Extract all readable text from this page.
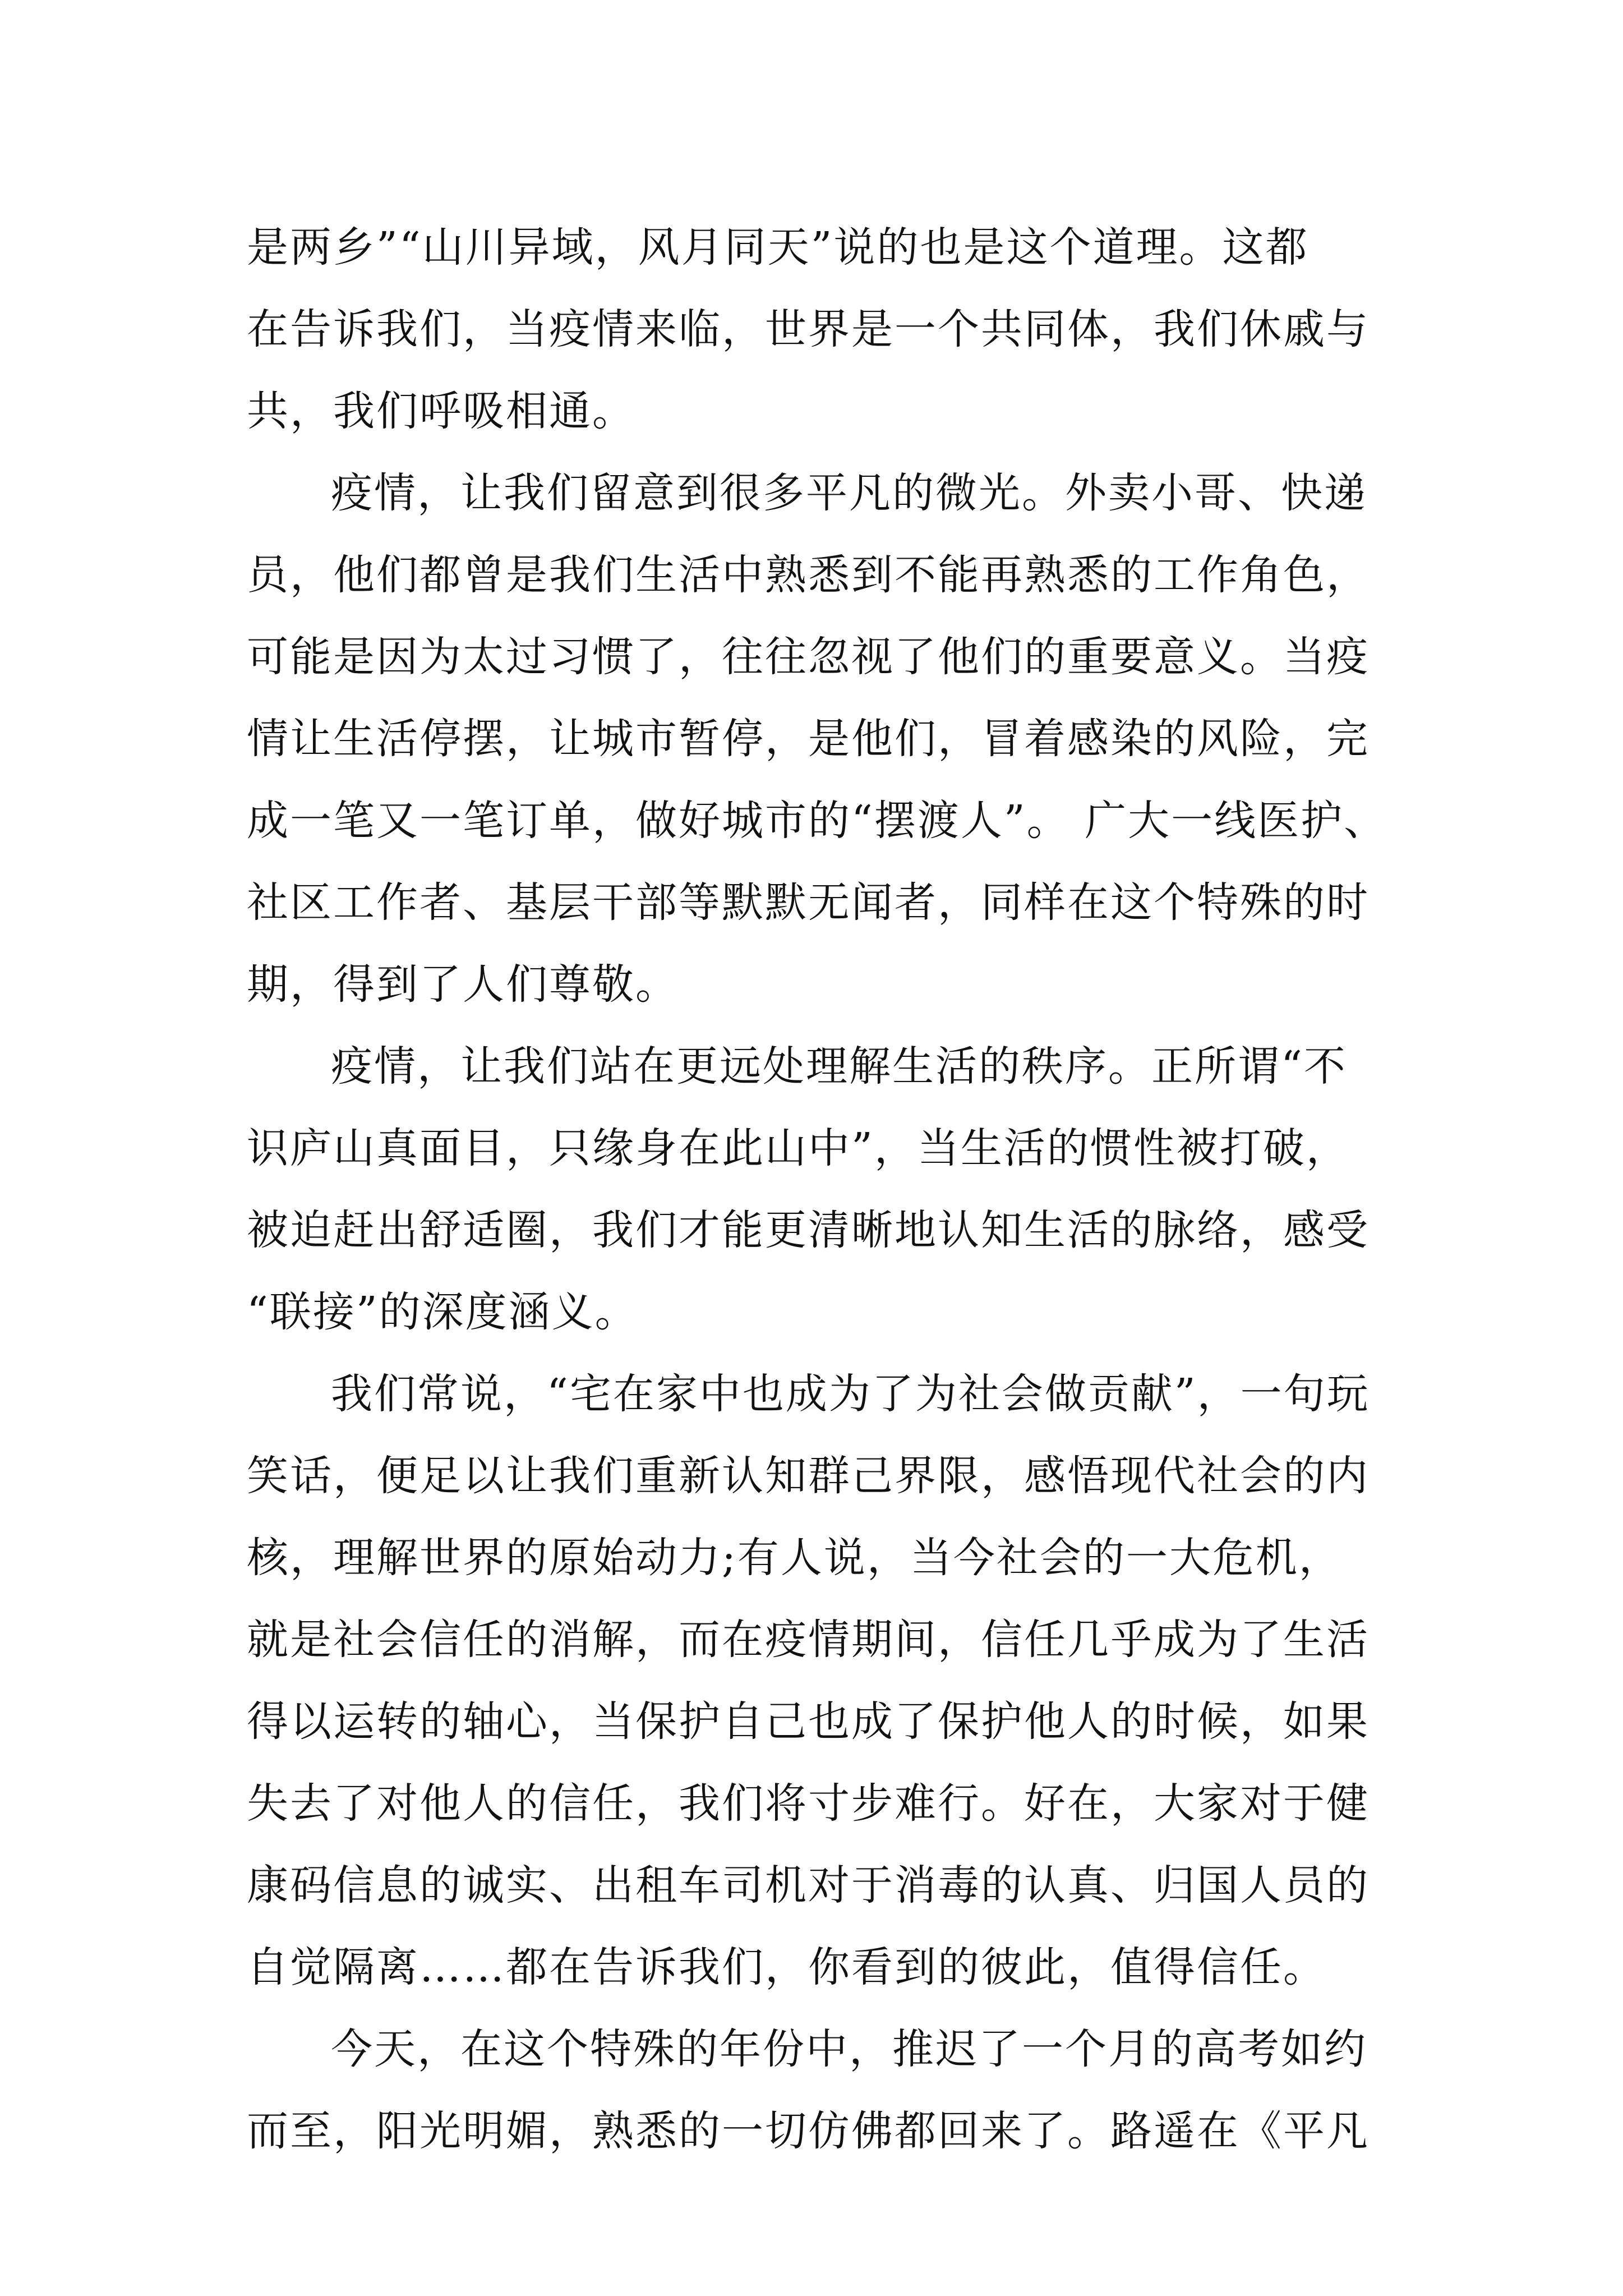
是两乡”“山川异域，风月同天”说的也是这个道理。这都
在告诉我们，当疫情来临，世界是一个共同体，我们休戚与
共，我们呼吸相通。
疫情，让我们留意到很多平凡的微光。外卖小哥、快递
员，他们都曾是我们生活中熟悉到不能再熟悉的工作角色，
可能是因为太过习惯了，往往忽视了他们的重要意义。当疫
情让生活停摆，让城市暂停，是他们，冒着感染的风险，完
成一笔又一笔订单，做好城市的“摆渡人”。 广大一线医护、
社区工作者、基层干部等默默无闻者，同样在这个特殊的时
期，得到了人们尊敬。
疫情，让我们站在更远处理解生活的秩序。正所谓“不
识庐山真面目，只缘身在此山中”，当生活的惯性被打破，
被迫赶出舒适圈，我们才能更清晰地认知生活的脉络，感受
“联接”的深度涵义。
我们常说，“宅在家中也成为了为社会做贡献”，一句玩
笑话，便足以让我们重新认知群己界限，感悟现代社会的内
核，理解世界的原始动力;有人说，当今社会的一大危机，
就是社会信任的消解，而在疫情期间，信任几乎成为了生活
得以运转的轴心，当保护自己也成了保护他人的时候，如果
失去了对他人的信任，我们将寸步难行。好在，大家对于健
康码信息的诚实、出租车司机对于消毒的认真、归国人员的
自觉隔离……都在告诉我们，你看到的彼此，值得信任。
今天，在这个特殊的年份中，推迟了一个月的高考如约
而至，阳光明媚，熟悉的一切仿佛都回来了。路遥在《平凡
